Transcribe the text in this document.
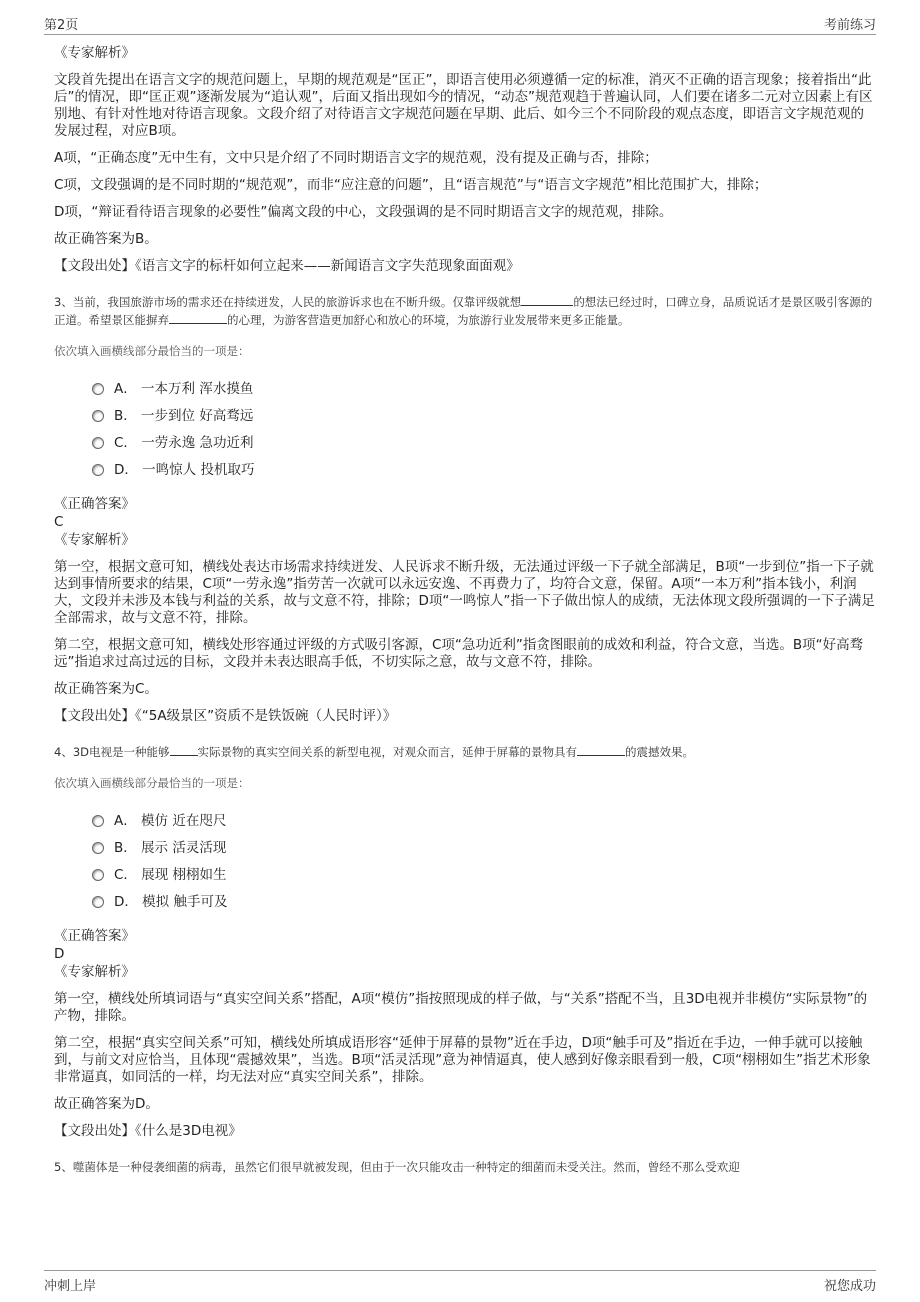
第2页	考前练习

《专家解析》

文段首先提出在语言文字的规范问题上，早期的规范观是“匡正”，即语言使用必须遵循一定的标准，消灭不正确的语言现象；接着指出“此后”的情况，即“匡正观”逐渐发展为“追认观”，后面又指出现如今的情况，“动态”规范观趋于普遍认同，人们要在诸多二元对立因素上有区别地、有针对性地对待语言现象。文段介绍了对待语言文字规范问题在早期、此后、如今三个不同阶段的观点态度，即语言文字规范观的发展过程，对应B项。

A项，“正确态度”无中生有，文中只是介绍了不同时期语言文字的规范观，没有提及正确与否，排除；

C项，文段强调的是不同时期的“规范观”，而非“应注意的问题”，且“语言规范”与“语言文字规范”相比范围扩大，排除；

D项，“辩证看待语言现象的必要性”偏离文段的中心，文段强调的是不同时期语言文字的规范观，排除。

故正确答案为B。

【文段出处】《语言文字的标杆如何立起来——新闻语言文字失范现象面面观》

3、当前，我国旅游市场的需求还在持续迸发，人民的旅游诉求也在不断升级。仅靠评级就想	的想法已经过时，口碑立身，品质说话才是景区吸引客源的正道。希望景区能摒弃	的心理，为游客营造更加舒心和放心的环境，为旅游行业发展带来更多正能量。

依次填入画横线部分最恰当的一项是：

A． 一本万利 浑水摸鱼
B． 一步到位 好高骛远
C． 一劳永逸 急功近利
D． 一鸣惊人 投机取巧

《正确答案》

C

《专家解析》

第一空，根据文意可知，横线处表达市场需求持续迸发、人民诉求不断升级，无法通过评级一下子就全部满足，B项“一步到位”指一下子就达到事情所要求的结果，C项“一劳永逸”指劳苦一次就可以永远安逸、不再费力了，均符合文意，保留。A项“一本万利”指本钱小，利润大，文段并未涉及本钱与利益的关系，故与文意不符，排除；D项“一鸣惊人”指一下子做出惊人的成绩，无法体现文段所强调的一下子满足全部需求，故与文意不符，排除。

第二空，根据文意可知，横线处形容通过评级的方式吸引客源，C项“急功近利”指贪图眼前的成效和利益，符合文意，当选。B项“好高骛远”指追求过高过远的目标，文段并未表达眼高手低，不切实际之意，故与文意不符，排除。

故正确答案为C。

【文段出处】《“5A级景区”资质不是铁饭碗（人民时评）》

4、3D电视是一种能够 实际景物的真实空间关系的新型电视，对观众而言，延伸于屏幕的景物具有	的震撼效果。

依次填入画横线部分最恰当的一项是：

A． 模仿 近在咫尺
B． 展示 活灵活现
C． 展现 栩栩如生
D． 模拟 触手可及

《正确答案》

D

《专家解析》

第一空，横线处所填词语与“真实空间关系”搭配，A项“模仿”指按照现成的样子做，与“关系”搭配不当，且3D电视并非模仿“实际景物”的产物，排除。

第二空，根据“真实空间关系”可知，横线处所填成语形容“延伸于屏幕的景物”近在手边，D项“触手可及”指近在手边，一伸手就可以接触到，与前文对应恰当，且体现“震撼效果”，当选。B项“活灵活现”意为神情逼真，使人感到好像亲眼看到一般，C项“栩栩如生”指艺术形象非常逼真，如同活的一样，均无法对应“真实空间关系”，排除。

故正确答案为D。

【文段出处】《什么是3D电视》

5、噬菌体是一种侵袭细菌的病毒，虽然它们很早就被发现，但由于一次只能攻击一种特定的细菌而未受关注。然而，曾经不那么受欢迎

冲刺上岸	祝您成功
